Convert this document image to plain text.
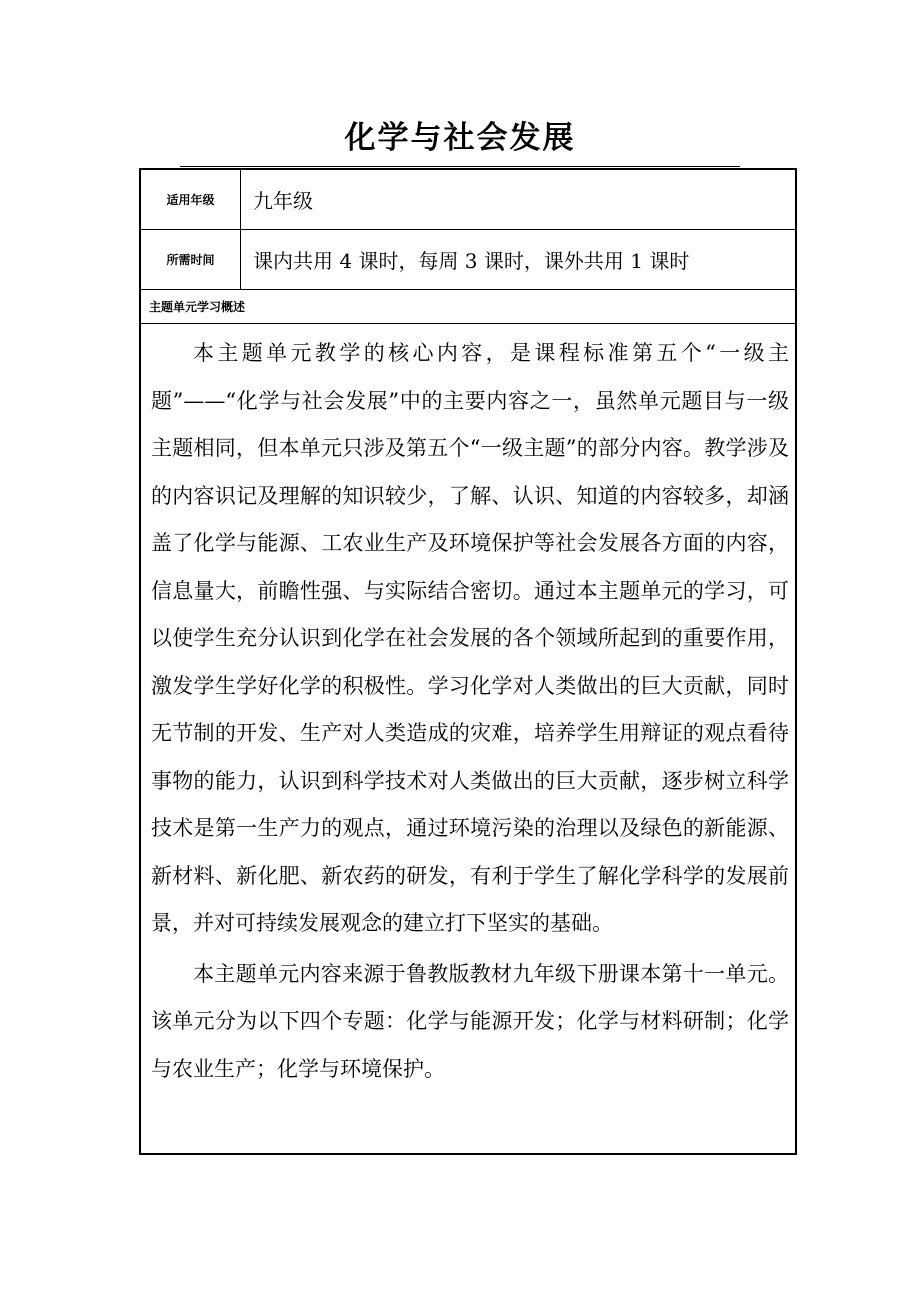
化学与社会发展
适用年级	九年级
所需时间	课内共用 4 课时，每周 3 课时，课外共用 1 课时
主题单元学习概述

本主题单元教学的核心内容，是课程标准第五个“一级主题”——“化学与社会发展”中的主要内容之一，虽然单元题目与一级主题相同，但本单元只涉及第五个“一级主题”的部分内容。教学涉及的内容识记及理解的知识较少，了解、认识、知道的内容较多，却涵盖了化学与能源、工农业生产及环境保护等社会发展各方面的内容，信息量大，前瞻性强、与实际结合密切。通过本主题单元的学习，可以使学生充分认识到化学在社会发展的各个领域所起到的重要作用，激发学生学好化学的积极性。学习化学对人类做出的巨大贡献，同时无节制的开发、生产对人类造成的灾难，培养学生用辩证的观点看待事物的能力，认识到科学技术对人类做出的巨大贡献，逐步树立科学技术是第一生产力的观点，通过环境污染的治理以及绿色的新能源、新材料、新化肥、新农药的研发，有利于学生了解化学科学的发展前景，并对可持续发展观念的建立打下坚实的基础。

本主题单元内容来源于鲁教版教材九年级下册课本第十一单元。该单元分为以下四个专题：化学与能源开发；化学与材料研制；化学与农业生产；化学与环境保护。
